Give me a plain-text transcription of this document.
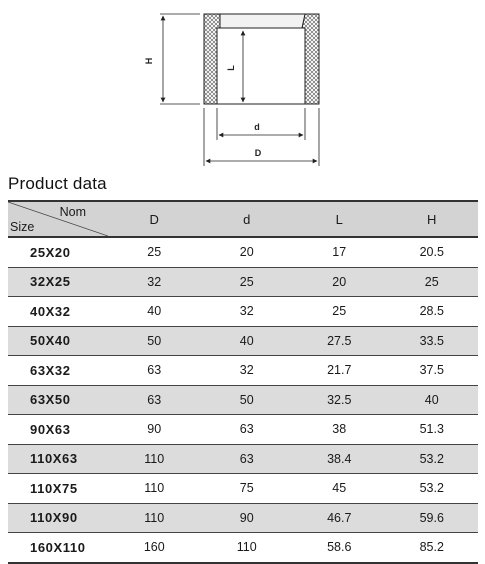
H
L
d
D
Product data
Nom
Size	D	d	L	H
25X20	25	20	17	20.5
32X25	32	25	20	25
40X32	40	32	25	28.5
50X40	50	40	27.5	33.5
63X32	63	32	21.7	37.5
63X50	63	50	32.5	40
90X63	90	63	38	51.3
110X63	110	63	38.4	53.2
110X75	110	75	45	53.2
110X90	110	90	46.7	59.6
160X110	160	110	58.6	85.2
